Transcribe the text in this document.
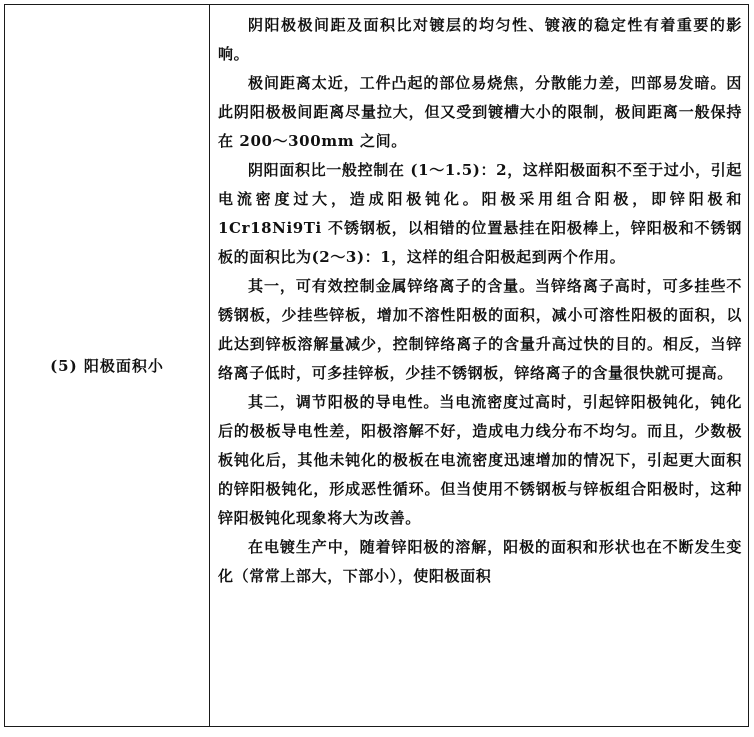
(5) 阳极面积小

阴阳极极间距及面积比对镀层的均匀性、镀液的稳定性有着重要的影响。

极间距离太近，工件凸起的部位易烧焦，分散能力差，凹部易发暗。因此阴阳极极间距离尽量拉大，但又受到镀槽大小的限制，极间距离一般保持在 200～300mm 之间。

阴阳面积比一般控制在 (1～1.5)：2，这样阳极面积不至于过小，引起电流密度过大，造成阳极钝化。阳极采用组合阳极，即锌阳极和 1Cr18Ni9Ti 不锈钢板，以相错的位置悬挂在阳极棒上，锌阳极和不锈钢板的面积比为(2～3)：1，这样的组合阳极起到两个作用。

其一，可有效控制金属锌络离子的含量。当锌络离子高时，可多挂些不锈钢板，少挂些锌板，增加不溶性阳极的面积，减小可溶性阳极的面积，以此达到锌板溶解量减少，控制锌络离子的含量升高过快的目的。相反，当锌络离子低时，可多挂锌板，少挂不锈钢板，锌络离子的含量很快就可提高。

其二，调节阳极的导电性。当电流密度过高时，引起锌阳极钝化，钝化后的极板导电性差，阳极溶解不好，造成电力线分布不均匀。而且，少数极板钝化后，其他未钝化的极板在电流密度迅速增加的情况下，引起更大面积的锌阳极钝化，形成恶性循环。但当使用不锈钢板与锌板组合阳极时，这种锌阳极钝化现象将大为改善。

在电镀生产中，随着锌阳极的溶解，阳极的面积和形状也在不断发生变化（常常上部大，下部小），使阳极面积
